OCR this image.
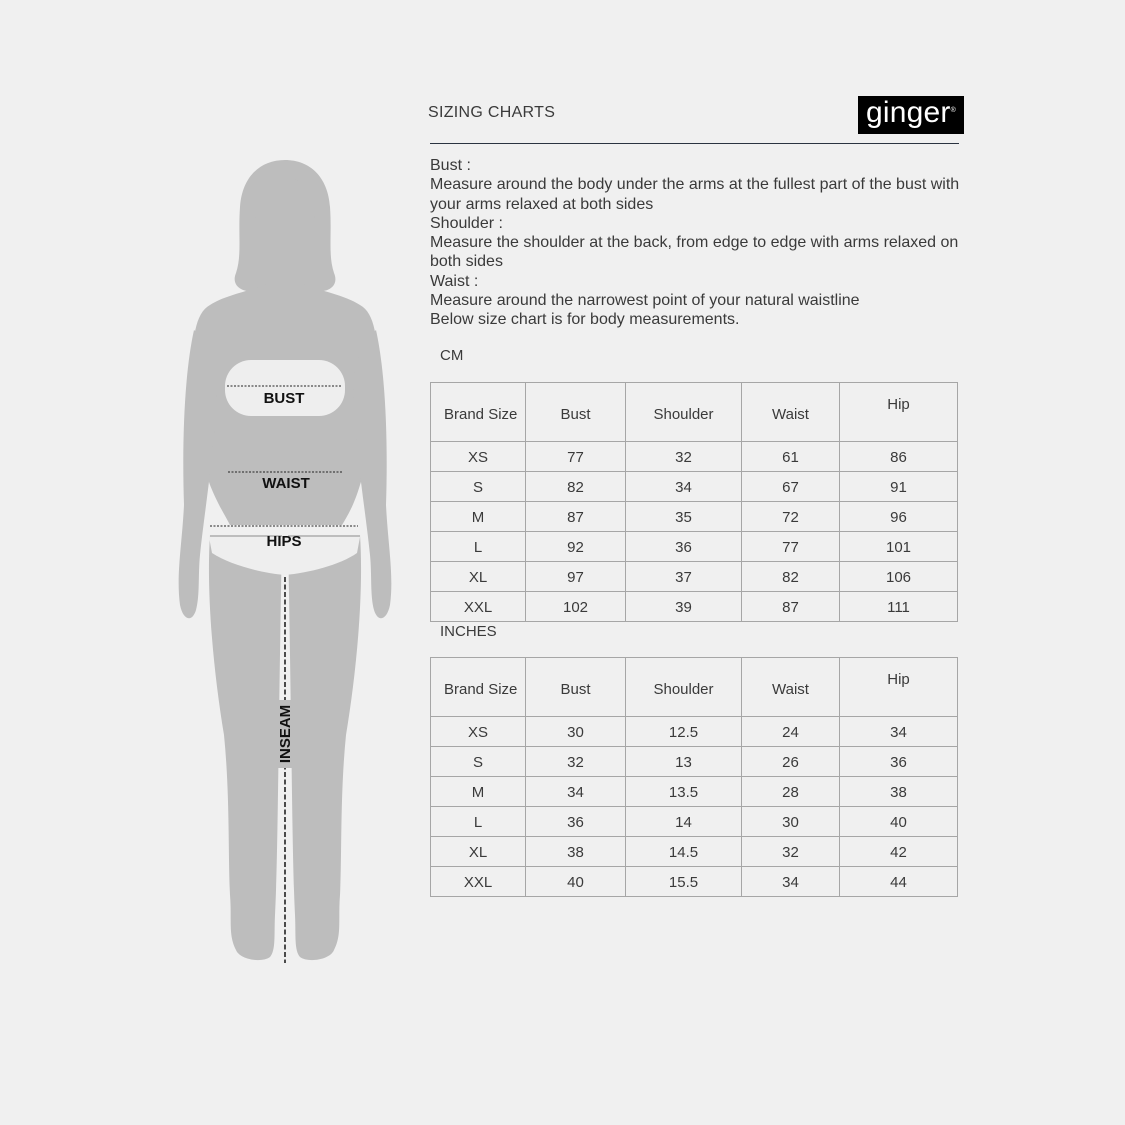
BUST
WAIST
HIPS
INSEAM
SIZING CHARTS	ginger®
Bust :
Measure around the body under the arms at the fullest part of the bust with your arms relaxed at both sides
Shoulder :
Measure the shoulder at the back, from edge to edge with arms relaxed on both sides
Waist :
Measure around the narrowest point of your natural waistline
Below size chart is for body measurements.
CM
Brand Size	Bust	Shoulder	Waist	Hip
XS	77	32	61	86
S	82	34	67	91
M	87	35	72	96
L	92	36	77	101
XL	97	37	82	106
XXL	102	39	87	111
INCHES
Brand Size	Bust	Shoulder	Waist	Hip
XS	30	12.5	24	34
S	32	13	26	36
M	34	13.5	28	38
L	36	14	30	40
XL	38	14.5	32	42
XXL	40	15.5	34	44
